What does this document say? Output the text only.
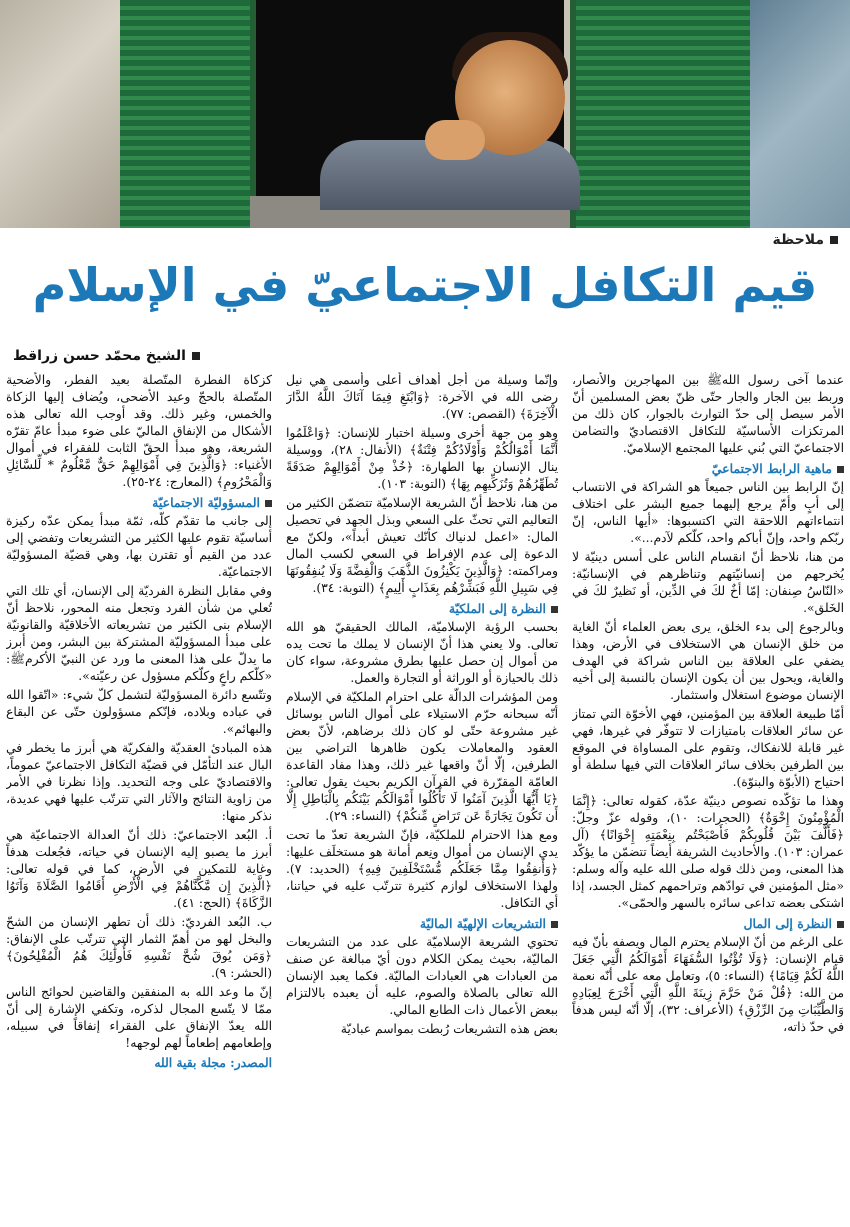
ملاحظة
قيم التكافل الاجتماعيّ في الإسلام
الشيخ محمّد حسن زراقط

عندما آخى رسول اللهﷺ بين المهاجرين والأنصار، وربط بين الجار والجار حتّى ظنّ بعض المسلمين أنّ الأمر سيصل إلى حدّ التوارث بالجوار، كان ذلك من المرتكزات الأساسيّة للتكافل الاقتصاديّ والتضامن الاجتماعيّ التي بُني عليها المجتمع الإسلاميّ.

ماهية الرابط الاجتماعيّ

إنّ الرابط بين الناس جميعاً هو الشراكة في الانتساب إلى أبٍ وأمّ يرجع إليهما جميع البشر على اختلاف انتماءاتهم اللاحقة التي اكتسبوها: «أيها الناس، إنّ ربّكم واحد، وإنّ أباكم واحد، كلّكم لآدم...».

من هنا، نلاحظ أنّ انقسام الناس على أسس دينيّة لا يُخرجهم من إنسانيّتهم وتناظرهم في الإنسانيّة: «النّاسُ صِنفان: إمّا أخٌ لكَ في الدِّين، أو نَظيرٌ لكَ في الخَلق».

وبالرجوع إلى بدء الخلق، يرى بعض العلماء أنّ الغاية من خلق الإنسان هي الاستخلاف في الأرض، وهذا يضفي على العلاقة بين الناس شراكة في الهدف والغاية، ويحول بين أن يكون الإنسان بالنسبة إلى أخيه الإنسان موضوع استغلال واستثمار.

أمّا طبيعة العلاقة بين المؤمنين، فهي الأخوّة التي تمتاز عن سائر العلاقات بامتيازات لا تتوفّر في غيرها، فهي غير قابلة للانفكاك، وتقوم على المساواة في الموقع بين الطرفين بخلاف سائر العلاقات التي فيها سلطة أو احتياج (الأبوّة والبنوّة).

وهذا ما تؤكّده نصوص دينيّة عدّة، كقوله تعالى: ﴿إِنَّمَا الْمُؤْمِنُونَ إِخْوَةٌ﴾ (الحجرات: ١٠)، وقوله عزّ وجلّ: ﴿فَأَلَّفَ بَيْنَ قُلُوبِكُمْ فَأَصْبَحْتُم بِنِعْمَتِهِ إِخْوَانًا﴾ (آل عمران: ١٠٣). والأحاديث الشريفة أيضاً تتضمّن ما يؤكّد هذا المعنى، ومن ذلك قوله صلى الله عليه وآله وسلم: «مثل المؤمنين في توادّهم وتراحمهم كمثل الجسد، إذا اشتكى بعضه تداعى سائره بالسهر والحمّى».

النظرة إلى المال

على الرغم من أنّ الإسلام يحترم المال ويصفه بأنّ فيه قيام الإنسان: ﴿وَلَا تُؤْتُوا السُّفَهَاءَ أَمْوَالَكُمُ الَّتِي جَعَلَ اللَّهُ لَكُمْ قِيَامًا﴾ (النساء: ٥)، وتعامل معه على أنّه نعمة من الله: ﴿قُلْ مَنْ حَرَّمَ زِينَةَ اللَّهِ الَّتِي أَخْرَجَ لِعِبَادِهِ وَالطَّيِّبَاتِ مِنَ الرِّزْقِ﴾ (الأعراف: ٣٢)، إلّا أنّه ليس هدفاً في حدّ ذاته،

وإنّما وسيلة من أجل أهداف أعلى وأسمى هي نيل رضى الله في الآخرة: ﴿وَابْتَغِ فِيمَا آتَاكَ اللَّهُ الدَّارَ الْآخِرَةَ﴾ (القصص: ٧٧).

وهو من جهة أخرى وسيلة اختبار للإنسان: ﴿وَاعْلَمُوا أَنَّمَا أَمْوَالُكُمْ وَأَوْلَادُكُمْ فِتْنَةٌ﴾ (الأنفال: ٢٨)، ووسيلة ينال الإنسان بها الطهارة: ﴿خُذْ مِنْ أَمْوَالِهِمْ صَدَقَةً تُطَهِّرُهُمْ وَتُزَكِّيهِم بِهَا﴾ (التوبة: ١٠٣).

من هنا، نلاحظ أنّ الشريعة الإسلاميّة تتضمّن الكثير من التعاليم التي تحثّ على السعي وبذل الجهد في تحصيل المال: «اعمل لدنياك كأنّك تعيش أبداً»، ولكنّ مع الدعوة إلى عدم الإفراط في السعي لكسب المال ومراكمته: ﴿وَالَّذِينَ يَكْنِزُونَ الذَّهَبَ وَالْفِضَّةَ وَلَا يُنفِقُونَهَا فِي سَبِيلِ اللَّهِ فَبَشِّرْهُم بِعَذَابٍ أَلِيمٍ﴾ (التوبة: ٣٤).

النظرة إلى الملكيّة

بحسب الرؤية الإسلاميّة، المالك الحقيقيّ هو الله تعالى. ولا يعني هذا أنّ الإنسان لا يملك ما تحت يده من أموال إن حصل عليها بطرق مشروعة، سواء كان ذلك بالحيازة أو الوراثة أو التجارة والعمل.

ومن المؤشرات الدالّة على احترام الملكيّة في الإسلام أنّه سبحانه حرّم الاستيلاء على أموال الناس بوسائل غير مشروعة حتّى لو كان ذلك برضاهم، لأنّ بعض العقود والمعاملات يكون ظاهرها التراضي بين الطرفين، إلّا أنّ واقعها غير ذلك، وهذا مفاد القاعدة العامّة المقرّرة في القرآن الكريم بحيث يقول تعالى: ﴿يَا أَيُّهَا الَّذِينَ آمَنُوا لَا تَأْكُلُوا أَمْوَالَكُم بَيْنَكُم بِالْبَاطِلِ إِلَّا أَن تَكُونَ تِجَارَةً عَن تَرَاضٍ مِّنكُمْ﴾ (النساء: ٢٩).

ومع هذا الاحترام للملكيّة، فإنّ الشريعة تعدّ ما تحت يدي الإنسان من أموال ونِعم أمانة هو مستخلَف عليها: ﴿وَأَنفِقُوا مِمَّا جَعَلَكُم مُّسْتَخْلَفِينَ فِيهِ﴾ (الحديد: ٧). ولهذا الاستخلاف لوازم كثيرة تترتّب عليه في حياتنا، أي التكافل.

التشريعات الإلهيّة الماليّة

تحتوي الشريعة الإسلاميّة على عدد من التشريعات الماليّة، بحيث يمكن الكلام دون أيّ مبالغة عن صنف من العبادات هي العبادات الماليّة. فكما يعبد الإنسان الله تعالى بالصلاة والصوم، عليه أن يعبده بالالتزام ببعض الأعمال ذات الطابع المالي.

بعض هذه التشريعات رُبطت بمواسم عباديّة

كزكاة الفطرة المتّصلة بعيد الفطر، والأضحية المتّصلة بالحجّ وعيد الأضحى، ويُضاف إليها الزكاة والخمس، وغير ذلك. وقد أوجب الله تعالى هذه الأشكال من الإنفاق الماليّ على ضوء مبدأ عامّ تقرّه الشريعة، وهو مبدأ الحقّ الثابت للفقراء في أموال الأغنياء: ﴿وَالَّذِينَ فِي أَمْوَالِهِمْ حَقٌّ مَّعْلُومٌ * لِّلسَّائِلِ وَالْمَحْرُومِ﴾ (المعارج: ٢٤-٢٥).

المسؤوليّة الاجتماعيّة

إلى جانب ما تقدّم كلّه، ثمّة مبدأ يمكن عدّه ركيزة أساسيّة تقوم عليها الكثير من التشريعات وتفضي إلى عدد من القيم أو تقترن بها، وهي قضيّة المسؤوليّة الاجتماعيّة.

وفي مقابل النظرة الفرديّة إلى الإنسان، أي تلك التي تُعلي من شأن الفرد وتجعل منه المحور، نلاحظ أنّ الإسلام بنى الكثير من تشريعاته الأخلاقيّة والقانونيّة على مبدأ المسؤوليّة المشتركة بين البشر، ومن أبرز ما يدلّ على هذا المعنى ما ورد عن النبيّ الأكرمﷺ: «كلّكم راعٍ وكلّكم مسؤول عن رعيّته».

وتتّسع دائرة المسؤوليّة لتشمل كلّ شيء: «اتّقوا الله في عباده وبلاده، فإنّكم مسؤولون حتّى عن البقاع والبهائم».

هذه المبادئ العقديّة والفكريّة هي أبرز ما يخطر في البال عند التأمّل في قضيّة التكافل الاجتماعيّ عموماً، والاقتصاديّ على وجه التحديد. وإذا نظرنا في الأمر من زاوية النتائج والآثار التي تترتّب عليها فهي عديدة، نذكر منها:

أ. البُعد الاجتماعيّ: ذلك أنّ العدالة الاجتماعيّة هي أبرز ما يصبو إليه الإنسان في حياته، فجُعلت هدفاً وغاية للتمكين في الأرض، كما في قوله تعالى: ﴿الَّذِينَ إِن مَّكَّنَّاهُمْ فِي الْأَرْضِ أَقَامُوا الصَّلَاةَ وَآتَوُا الزَّكَاةَ﴾ (الحج: ٤١).

ب. البُعد الفرديّ: ذلك أن تطهر الإنسان من الشحّ والبخل لهو من أهمّ الثمار التي تترتّب على الإنفاق: ﴿وَمَن يُوقَ شُحَّ نَفْسِهِ فَأُولَٰئِكَ هُمُ الْمُفْلِحُونَ﴾ (الحشر: ٩).

إنّ ما وعد الله به المنفقين والقاضين لحوائج الناس ممّا لا يتّسع المجال لذكره، وتكفي الإشارة إلى أنّ الله يعدّ الإنفاق على الفقراء إنفاقاً في سبيله، وإطعامهم إطعاماً لهم لوجهه!

المصدر: مجلة بقية الله
